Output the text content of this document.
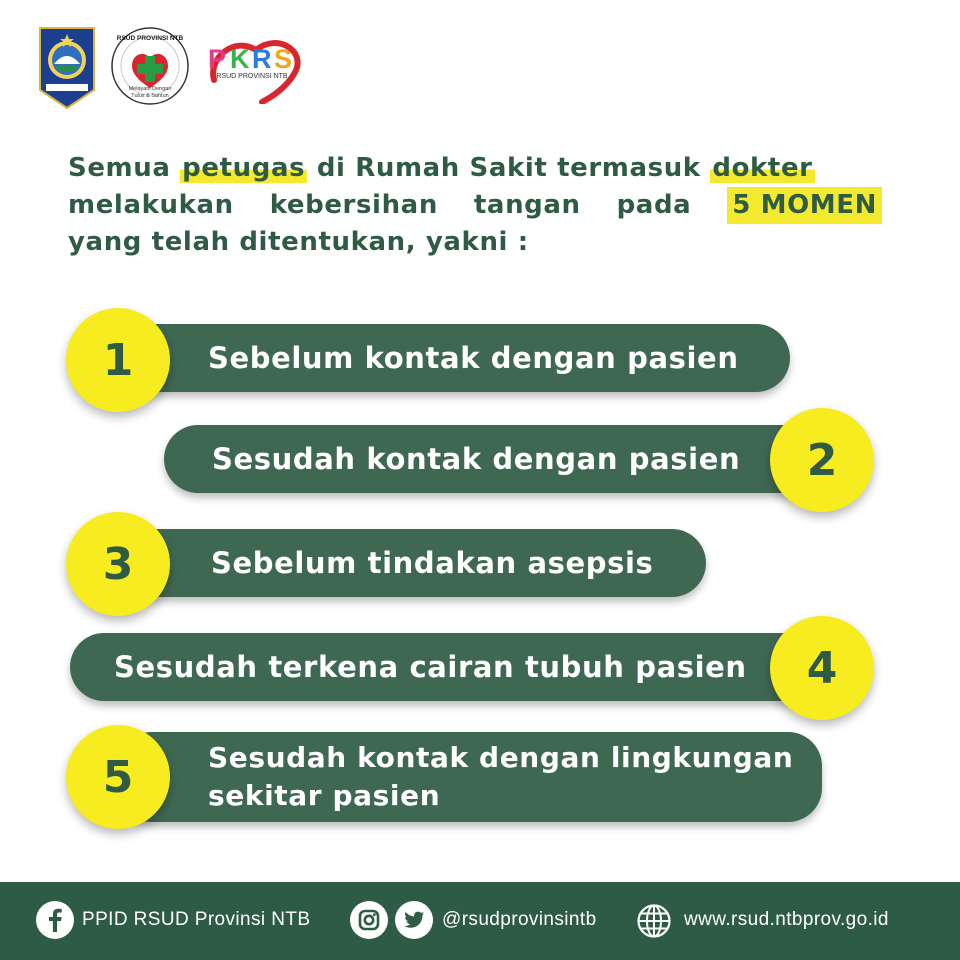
RSUD PROVINSI NTB
Melayani Dengan
Tulus & Santun
P K R S
RSUD PROVINSI NTB
Semua petugas di Rumah Sakit termasuk dokter
melakukan kebersihan tangan pada 5 MOMEN
yang telah ditentukan, yakni :
Sebelum kontak dengan pasien
1
Sesudah kontak dengan pasien	2
Sebelum tindakan asepsis
3
Sesudah terkena cairan tubuh pasien	4
Sesudah kontak dengan lingkungan
sekitar pasien
5
PPID RSUD Provinsi NTB	@rsudprovinsintb	www.rsud.ntbprov.go.id
